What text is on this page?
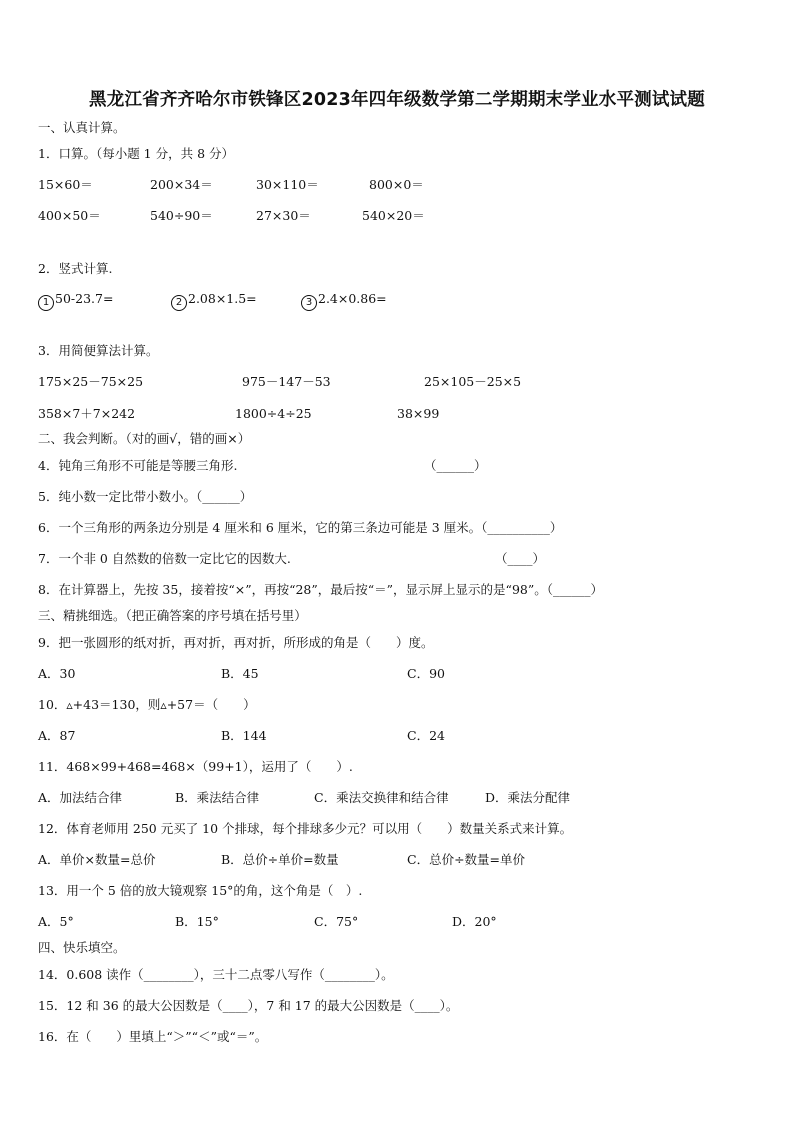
黑龙江省齐齐哈尔市铁锋区2023年四年级数学第二学期期末学业水平测试试题
一、认真计算。
1．口算。（每小题 1 分，共 8 分）
15×60＝	200×34＝	30×110＝	800×0＝
400×50＝	540÷90＝	27×30＝	540×20＝
2．竖式计算.
1 50-23.7=	2 2.08×1.5=	3 2.4×0.86=
3．用简便算法计算。
175×25－75×25	975－147－53	25×105－25×5
358×7＋7×242	1800÷4÷25	38×99
二、我会判断。（对的画√，错的画×）
4．钝角三角形不可能是等腰三角形.	（______）
5．纯小数一定比带小数小。（______）
6．一个三角形的两条边分别是 4 厘米和 6 厘米，它的第三条边可能是 3 厘米。（__________）
7．一个非 0 自然数的倍数一定比它的因数大.	（____）
8．在计算器上，先按 35，接着按“×”，再按“28”，最后按“＝”，显示屏上显示的是“98”。（______）
三、精挑细选。（把正确答案的序号填在括号里）
9．把一张圆形的纸对折，再对折，再对折，所形成的角是（　　）度。
A．30	B．45	C．90
10．▵+43＝130，则▵+57＝（　　）
A．87	B．144	C．24
11．468×99+468=468×（99+1），运用了（　　）.
A．加法结合律	B．乘法结合律	C．乘法交换律和结合律	D．乘法分配律
12．体育老师用 250 元买了 10 个排球，每个排球多少元？可以用（　　）数量关系式来计算。
A．单价×数量=总价	B．总价÷单价=数量	C．总价÷数量=单价
13．用一个 5 倍的放大镜观察 15°的角，这个角是（　）.
A．5°	B．15°	C．75°	D．20°
四、快乐填空。
14．0.608 读作（________），三十二点零八写作（________）。
15．12 和 36 的最大公因数是（____），7 和 17 的最大公因数是（____）。
16．在（　　）里填上“＞”“＜”或“＝”。
